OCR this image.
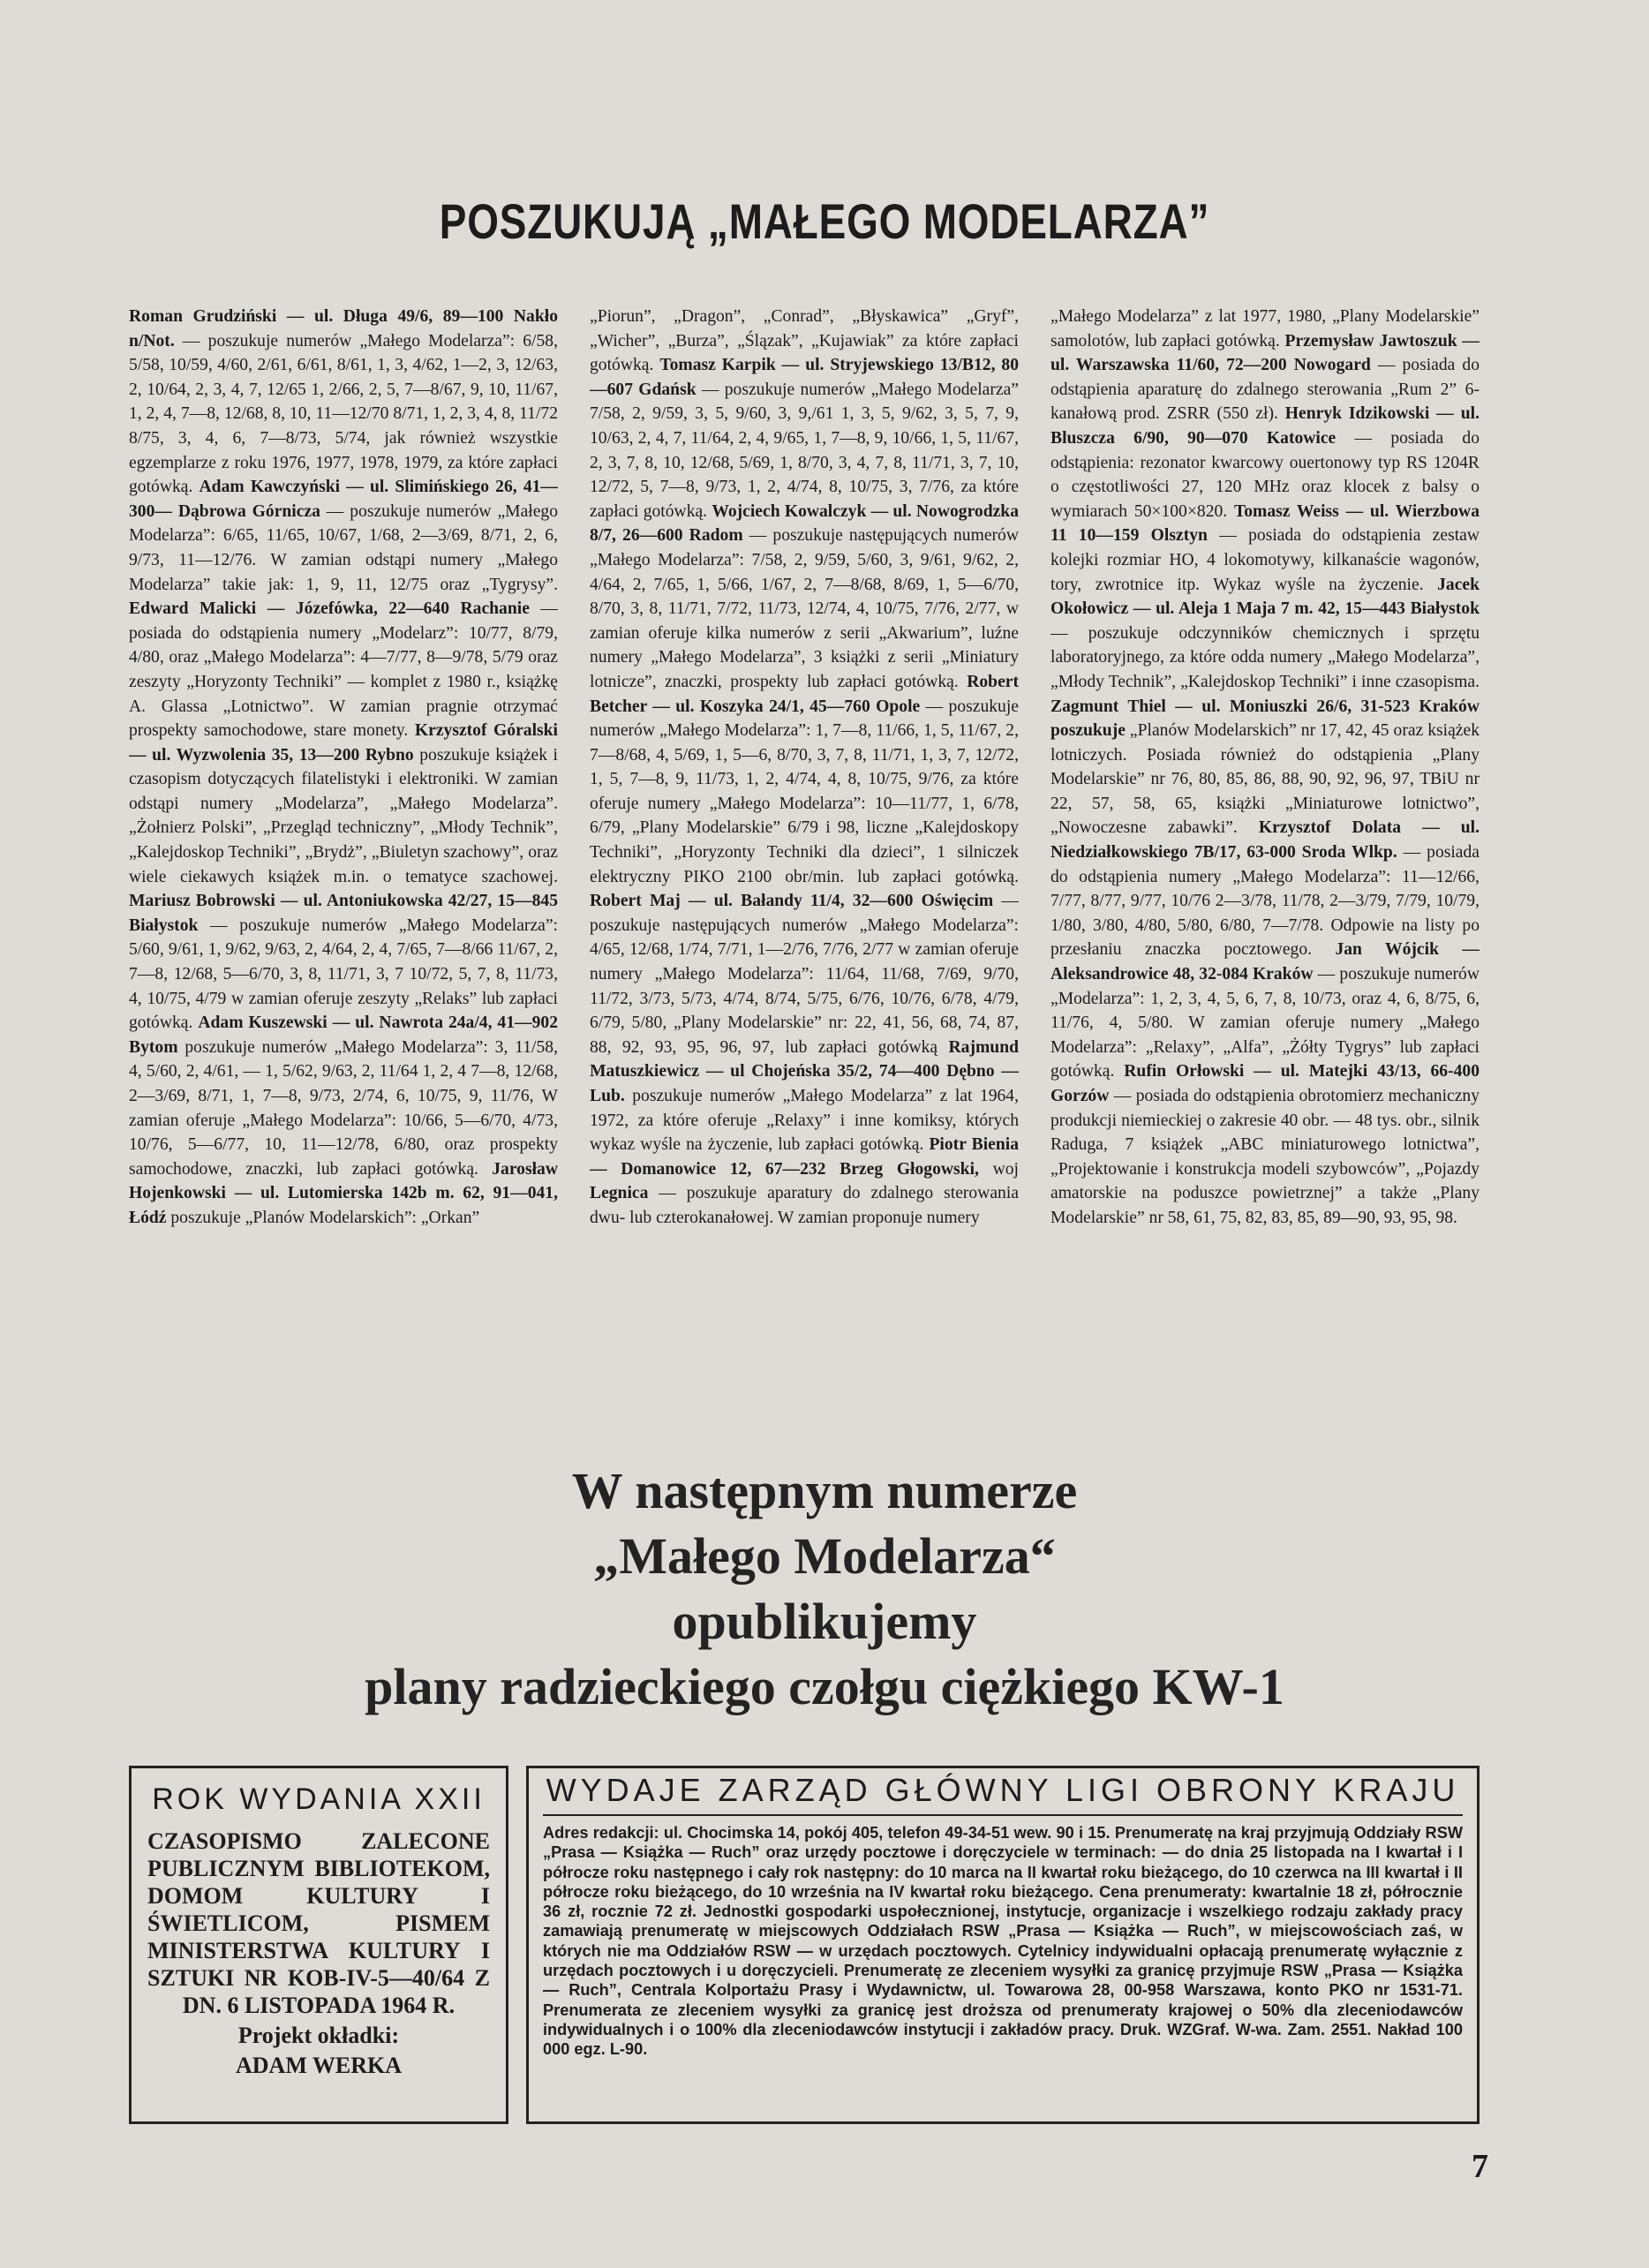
POSZUKUJĄ „MAŁEGO MODELARZA”

Roman Grudziński — ul. Długa 49/6, 89—100 Nakło n/Not. — poszukuje numerów „Małego Modelarza”: 6/58, 5/58, 10/59, 4/60, 2/61, 6/61, 8/61, 1, 3, 4/62, 1—2, 3, 12/63, 2, 10/64, 2, 3, 4, 7, 12/65 1, 2/66, 2, 5, 7—8/67, 9, 10, 11/67, 1, 2, 4, 7—8, 12/68, 8, 10, 11—12/70 8/71, 1, 2, 3, 4, 8, 11/72 8/75, 3, 4, 6, 7—8/73, 5/74, jak również wszystkie egzemplarze z roku 1976, 1977, 1978, 1979, za które zapłaci gotówką. Adam Kawczyński — ul. Slimińskiego 26, 41—300— Dąbrowa Górnicza — poszukuje numerów „Małego Modelarza”: 6/65, 11/65, 10/67, 1/68, 2—3/69, 8/71, 2, 6, 9/73, 11—12/76. W zamian odstąpi numery „Małego Modelarza” takie jak: 1, 9, 11, 12/75 oraz „Tygrysy”. Edward Malicki — Józefówka, 22—640 Rachanie — posiada do odstąpienia numery „Modelarz”: 10/77, 8/79, 4/80, oraz „Małego Modelarza”: 4—7/77, 8—9/78, 5/79 oraz zeszyty „Horyzonty Techniki” — komplet z 1980 r., książkę A. Glassa „Lotnictwo”. W zamian pragnie otrzymać prospekty samochodowe, stare monety. Krzysztof Góralski — ul. Wyzwolenia 35, 13—200 Rybno poszukuje książek i czasopism dotyczących filatelistyki i elektroniki. W zamian odstąpi numery „Modelarza”, „Małego Modelarza”. „Żołnierz Polski”, „Przegląd techniczny”, „Młody Technik”, „Kalejdoskop Techniki”, „Brydż”, „Biuletyn szachowy”, oraz wiele ciekawych książek m.in. o tematyce szachowej. Mariusz Bobrowski — ul. Antoniukowska 42/27, 15—845 Białystok — poszukuje numerów „Małego Modelarza”: 5/60, 9/61, 1, 9/62, 9/63, 2, 4/64, 2, 4, 7/65, 7—8/66 11/67, 2, 7—8, 12/68, 5—6/70, 3, 8, 11/71, 3, 7 10/72, 5, 7, 8, 11/73, 4, 10/75, 4/79 w zamian oferuje zeszyty „Relaks” lub zapłaci gotówką. Adam Kuszewski — ul. Nawrota 24a/4, 41—902 Bytom poszukuje numerów „Małego Modelarza”: 3, 11/58, 4, 5/60, 2, 4/61, — 1, 5/62, 9/63, 2, 11/64 1, 2, 4 7—8, 12/68, 2—3/69, 8/71, 1, 7—8, 9/73, 2/74, 6, 10/75, 9, 11/76, W zamian oferuje „Małego Modelarza”: 10/66, 5—6/70, 4/73, 10/76, 5—6/77, 10, 11—12/78, 6/80, oraz prospekty samochodowe, znaczki, lub zapłaci gotówką. Jarosław Hojenkowski — ul. Lutomierska 142b m. 62, 91—041, Łódź poszukuje „Planów Modelarskich”: „Orkan”

„Piorun”, „Dragon”, „Conrad”, „Błyskawica” „Gryf”, „Wicher”, „Burza”, „Ślązak”, „Kujawiak” za które zapłaci gotówką. Tomasz Karpik — ul. Stryjewskiego 13/B12, 80—607 Gdańsk — poszukuje numerów „Małego Modelarza” 7/58, 2, 9/59, 3, 5, 9/60, 3, 9,/61 1, 3, 5, 9/62, 3, 5, 7, 9, 10/63, 2, 4, 7, 11/64, 2, 4, 9/65, 1, 7—8, 9, 10/66, 1, 5, 11/67, 2, 3, 7, 8, 10, 12/68, 5/69, 1, 8/70, 3, 4, 7, 8, 11/71, 3, 7, 10, 12/72, 5, 7—8, 9/73, 1, 2, 4/74, 8, 10/75, 3, 7/76, za które zapłaci gotówką. Wojciech Kowalczyk — ul. Nowogrodzka 8/7, 26—600 Radom — poszukuje następujących numerów „Małego Modelarza”: 7/58, 2, 9/59, 5/60, 3, 9/61, 9/62, 2, 4/64, 2, 7/65, 1, 5/66, 1/67, 2, 7—8/68, 8/69, 1, 5—6/70, 8/70, 3, 8, 11/71, 7/72, 11/73, 12/74, 4, 10/75, 7/76, 2/77, w zamian oferuje kilka numerów z serii „Akwarium”, luźne numery „Małego Modelarza”, 3 książki z serii „Miniatury lotnicze”, znaczki, prospekty lub zapłaci gotówką. Robert Betcher — ul. Koszyka 24/1, 45—760 Opole — poszukuje numerów „Małego Modelarza”: 1, 7—8, 11/66, 1, 5, 11/67, 2, 7—8/68, 4, 5/69, 1, 5—6, 8/70, 3, 7, 8, 11/71, 1, 3, 7, 12/72, 1, 5, 7—8, 9, 11/73, 1, 2, 4/74, 4, 8, 10/75, 9/76, za które oferuje numery „Małego Modelarza”: 10—11/77, 1, 6/78, 6/79, „Plany Modelarskie” 6/79 i 98, liczne „Kalejdoskopy Techniki”, „Horyzonty Techniki dla dzieci”, 1 silniczek elektryczny PIKO 2100 obr/min. lub zapłaci gotówką. Robert Maj — ul. Bałandy 11/4, 32—600 Oświęcim — poszukuje następujących numerów „Małego Modelarza”: 4/65, 12/68, 1/74, 7/71, 1—2/76, 7/76, 2/77 w zamian oferuje numery „Małego Modelarza”: 11/64, 11/68, 7/69, 9/70, 11/72, 3/73, 5/73, 4/74, 8/74, 5/75, 6/76, 10/76, 6/78, 4/79, 6/79, 5/80, „Plany Modelarskie” nr: 22, 41, 56, 68, 74, 87, 88, 92, 93, 95, 96, 97, lub zapłaci gotówką Rajmund Matuszkiewicz — ul Chojeńska 35/2, 74—400 Dębno — Lub. poszukuje numerów „Małego Modelarza” z lat 1964, 1972, za które oferuje „Relaxy” i inne komiksy, których wykaz wyśle na życzenie, lub zapłaci gotówką. Piotr Bienia — Domanowice 12, 67—232 Brzeg Głogowski, woj Legnica — poszukuje aparatury do zdalnego sterowania dwu- lub czterokanałowej. W zamian proponuje numery

„Małego Modelarza” z lat 1977, 1980, „Plany Modelarskie” samolotów, lub zapłaci gotówką. Przemysław Jawtoszuk — ul. Warszawska 11/60, 72—200 Nowogard — posiada do odstąpienia aparaturę do zdalnego sterowania „Rum 2” 6-kanałową prod. ZSRR (550 zł). Henryk Idzikowski — ul. Bluszcza 6/90, 90—070 Katowice — posiada do odstąpienia: rezonator kwarcowy ouertonowy typ RS 1204R o częstotliwości 27, 120 MHz oraz klocek z balsy o wymiarach 50×100×820. Tomasz Weiss — ul. Wierzbowa 11 10—159 Olsztyn — posiada do odstąpienia zestaw kolejki rozmiar HO, 4 lokomotywy, kilkanaście wagonów, tory, zwrotnice itp. Wykaz wyśle na życzenie. Jacek Okołowicz — ul. Aleja 1 Maja 7 m. 42, 15—443 Białystok — poszukuje odczynników chemicznych i sprzętu laboratoryjnego, za które odda numery „Małego Modelarza”, „Młody Technik”, „Kalejdoskop Techniki” i inne czasopisma. Zagmunt Thiel — ul. Moniuszki 26/6, 31-523 Kraków poszukuje „Planów Modelarskich” nr 17, 42, 45 oraz książek lotniczych. Posiada również do odstąpienia „Plany Modelarskie” nr 76, 80, 85, 86, 88, 90, 92, 96, 97, TBiU nr 22, 57, 58, 65, książki „Miniaturowe lotnictwo”, „Nowoczesne zabawki”. Krzysztof Dolata — ul. Niedziałkowskiego 7B/17, 63-000 Sroda Wlkp. — posiada do odstąpienia numery „Małego Modelarza”: 11—12/66, 7/77, 8/77, 9/77, 10/76 2—3/78, 11/78, 2—3/79, 7/79, 10/79, 1/80, 3/80, 4/80, 5/80, 6/80, 7—7/78. Odpowie na listy po przesłaniu znaczka pocztowego. Jan Wójcik — Aleksandrowice 48, 32-084 Kraków — poszukuje numerów „Modelarza”: 1, 2, 3, 4, 5, 6, 7, 8, 10/73, oraz 4, 6, 8/75, 6, 11/76, 4, 5/80. W zamian oferuje numery „Małego Modelarza”: „Relaxy”, „Alfa”, „Żółty Tygrys” lub zapłaci gotówką. Rufin Orłowski — ul. Matejki 43/13, 66-400 Gorzów — posiada do odstąpienia obrotomierz mechaniczny produkcji niemieckiej o zakresie 40 obr. — 48 tys. obr., silnik Raduga, 7 książek „ABC miniaturowego lotnictwa”, „Projektowanie i konstrukcja modeli szybowców”, „Pojazdy amatorskie na poduszce powietrznej” a także „Plany Modelarskie” nr 58, 61, 75, 82, 83, 85, 89—90, 93, 95, 98.

W następnym numerze
„Małego Modelarza“
opublikujemy
plany radzieckiego czołgu ciężkiego KW-1
ROK WYDANIA XXII
CZASOPISMO ZALECONE PUBLICZNYM BIBLIOTEKOM, DOMOM KULTURY I ŚWIETLICOM, PISMEM MINISTERSTWA KULTURY I SZTUKI NR KOB-IV-5—40/64 Z DN. 6 LISTOPADA 1964 R.
Projekt okładki:
ADAM WERKA
WYDAJE ZARZĄD GŁÓWNY LIGI OBRONY KRAJU
Adres redakcji: ul. Chocimska 14, pokój 405, telefon 49-34-51 wew. 90 i 15. Prenumeratę na kraj przyjmują Oddziały RSW „Prasa — Książka — Ruch” oraz urzędy pocztowe i doręczyciele w terminach: — do dnia 25 listopada na I kwartał i I półrocze roku następnego i cały rok następny: do 10 marca na II kwartał roku bieżącego, do 10 czerwca na III kwartał i II półrocze roku bieżącego, do 10 września na IV kwartał roku bieżącego. Cena prenumeraty: kwartalnie 18 zł, półrocznie 36 zł, rocznie 72 zł. Jednostki gospodarki uspołecznionej, instytucje, organizacje i wszelkiego rodzaju zakłady pracy zamawiają prenumeratę w miejscowych Oddziałach RSW „Prasa — Książka — Ruch”, w miejscowościach zaś, w których nie ma Oddziałów RSW — w urzędach pocztowych. Cytelnicy indywidualni opłacają prenumeratę wyłącznie z urzędach pocztowych i u doręczycieli. Prenumeratę ze zleceniem wysyłki za granicę przyjmuje RSW „Prasa — Książka — Ruch”, Centrala Kolportażu Prasy i Wydawnictw, ul. Towarowa 28, 00-958 Warszawa, konto PKO nr 1531-71. Prenumerata ze zleceniem wysyłki za granicę jest droższa od prenumeraty krajowej o 50% dla zleceniodawców indywidualnych i o 100% dla zleceniodawców instytucji i zakładów pracy. Druk. WZGraf. W-wa. Zam. 2551. Nakład 100 000 egz. L-90.
7
